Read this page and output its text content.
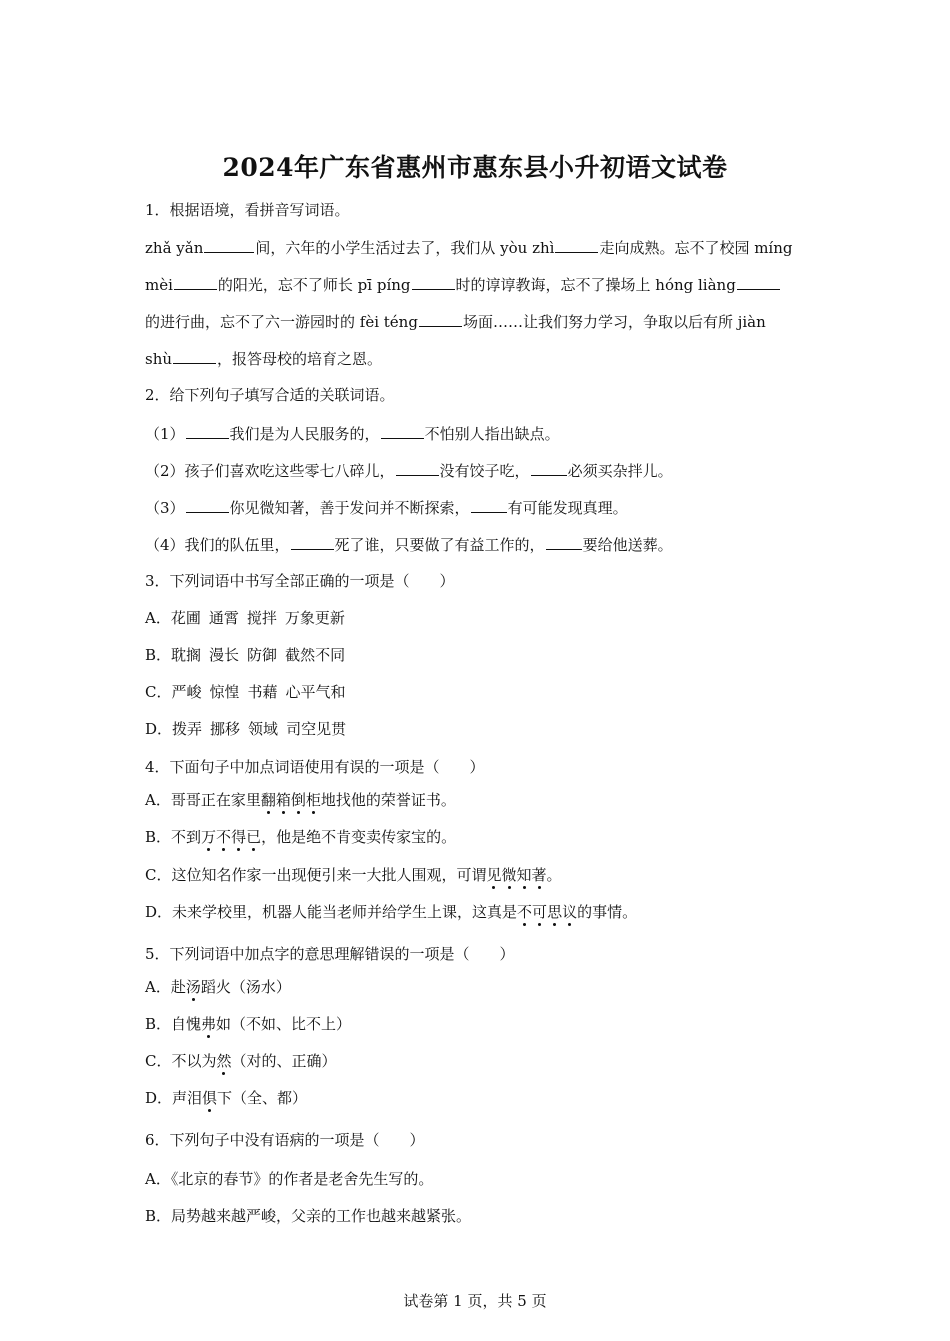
2024年广东省惠州市惠东县小升初语文试卷
1．根据语境，看拼音写词语。
zhǎ yǎn	间，六年的小学生活过去了，我们从 yòu zhì	走向成熟。忘不了校园 míng
mèi	的阳光，忘不了师长 pī píng	时的谆谆教诲，忘不了操场上 hóng liàng
的进行曲，忘不了六一游园时的 fèi téng	场面……让我们努力学习，争取以后有所 jiàn
shù	，报答母校的培育之恩。
2．给下列句子填写合适的关联词语。
（1）	我们是为人民服务的，	不怕别人指出缺点。
（2）孩子们喜欢吃这些零七八碎儿，	没有饺子吃，	必须买杂拌儿。
（3）	你见微知著，善于发问并不断探索，	有可能发现真理。
（4）我们的队伍里，	死了谁，只要做了有益工作的，	要给他送葬。
3．下列词语中书写全部正确的一项是（　　）
A．花圃 通霄 搅拌 万象更新
B．耽搁 漫长 防御 截然不同
C．严峻 惊惶 书藉 心平气和
D．拨弄 挪移 领域 司空见贯
4．下面句子中加点词语使用有误的一项是（　　）
A．哥哥正在家里翻箱倒柜地找他的荣誉证书。
B．不到万不得已，他是绝不肯变卖传家宝的。
C．这位知名作家一出现便引来一大批人围观，可谓见微知著。
D．未来学校里，机器人能当老师并给学生上课，这真是不可思议的事情。
5．下列词语中加点字的意思理解错误的一项是（　　）
A．赴汤蹈火（汤水）
B．自愧弗如（不如、比不上）
C．不以为然（对的、正确）
D．声泪俱下（全、都）
6．下列句子中没有语病的一项是（　　）
A．《北京的春节》的作者是老舍先生写的。
B．局势越来越严峻，父亲的工作也越来越紧张。
试卷第 1 页，共 5 页
